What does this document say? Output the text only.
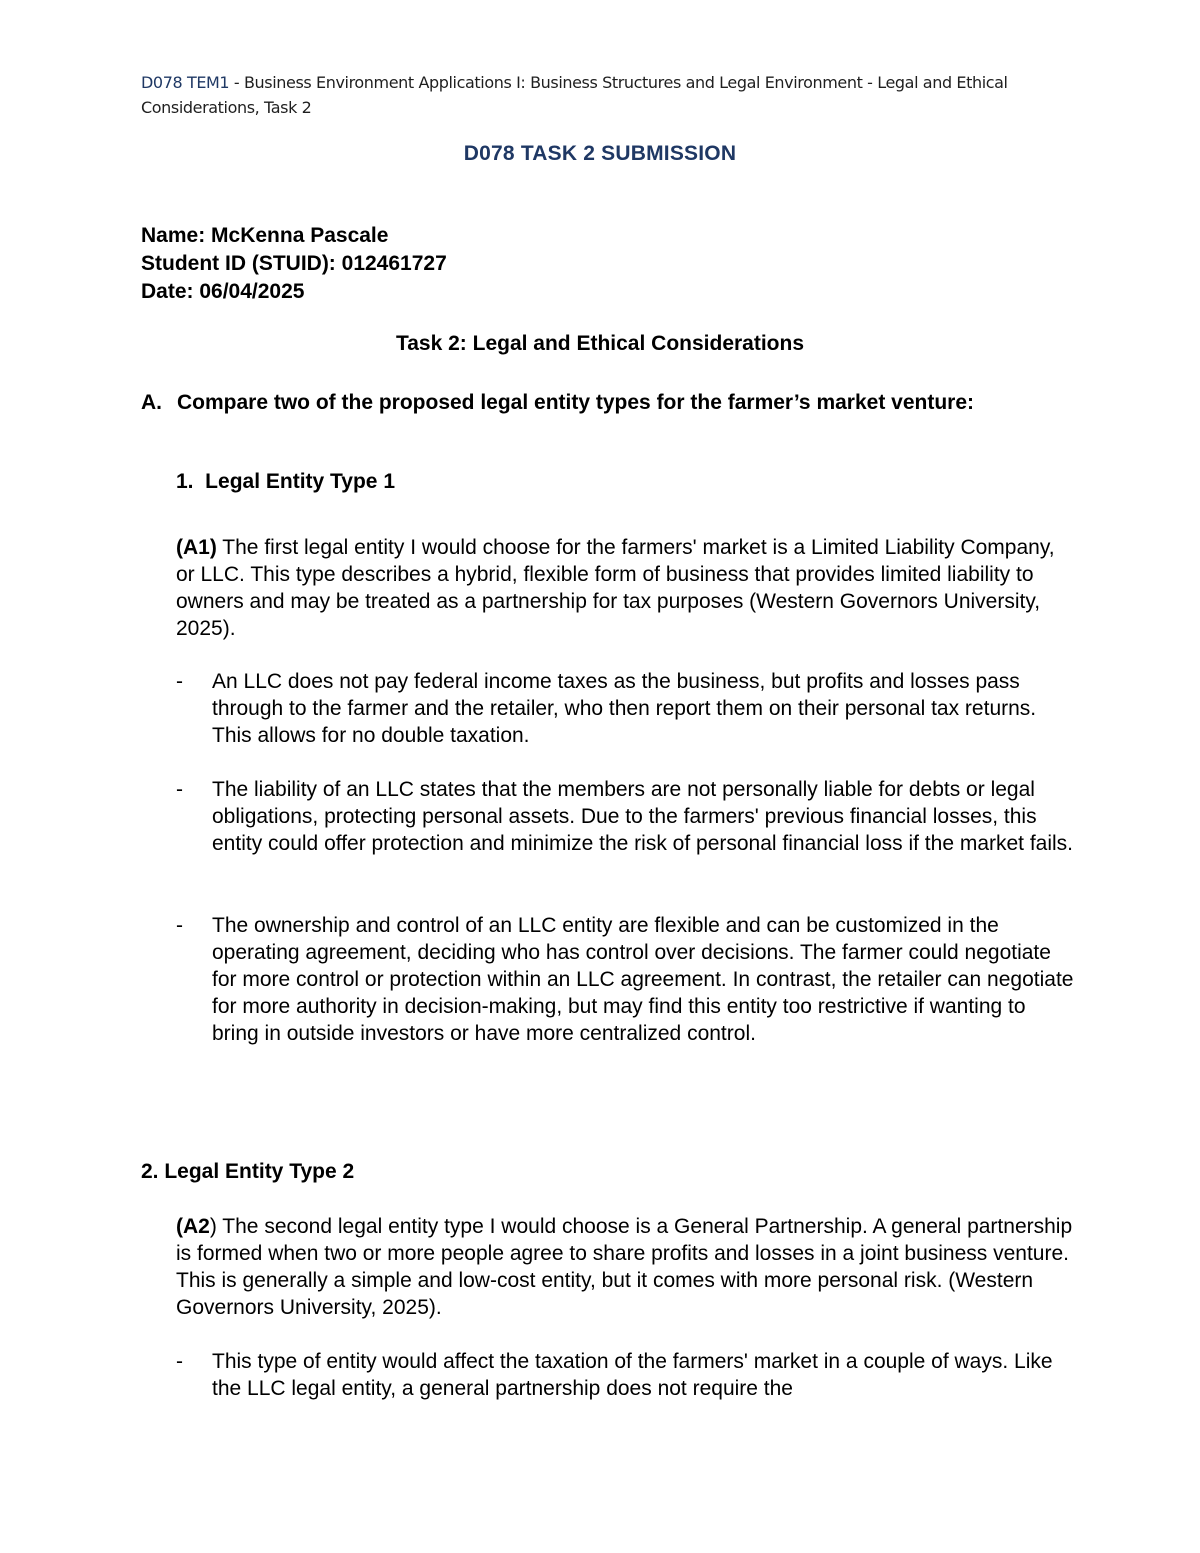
D078 TEM1 - Business Environment Applications I: Business Structures and Legal Environment - Legal and Ethical Considerations, Task 2
D078 TASK 2 SUBMISSION
Name: McKenna Pascale
Student ID (STUID): 012461727
Date: 06/04/2025
Task 2: Legal and Ethical Considerations
A. Compare two of the proposed legal entity types for the farmer’s market venture:
1.  Legal Entity Type 1
(A1) The first legal entity I would choose for the farmers' market is a Limited Liability Company, or LLC. This type describes a hybrid, flexible form of business that provides limited liability to owners and may be treated as a partnership for tax purposes (Western Governors University, 2025).
- An LLC does not pay federal income taxes as the business, but profits and losses pass through to the farmer and the retailer, who then report them on their personal tax returns. This allows for no double taxation.
- The liability of an LLC states that the members are not personally liable for debts or legal obligations, protecting personal assets. Due to the farmers' previous financial losses, this entity could offer protection and minimize the risk of personal financial loss if the market fails.
- The ownership and control of an LLC entity are flexible and can be customized in the operating agreement, deciding who has control over decisions. The farmer could negotiate for more control or protection within an LLC agreement. In contrast, the retailer can negotiate for more authority in decision-making, but may find this entity too restrictive if wanting to bring in outside investors or have more centralized control.
2. Legal Entity Type 2
(A2) The second legal entity type I would choose is a General Partnership. A general partnership is formed when two or more people agree to share profits and losses in a joint business venture. This is generally a simple and low-cost entity, but it comes with more personal risk. (Western Governors University, 2025).
- This type of entity would affect the taxation of the farmers' market in a couple of ways. Like the LLC legal entity, a general partnership does not require the
